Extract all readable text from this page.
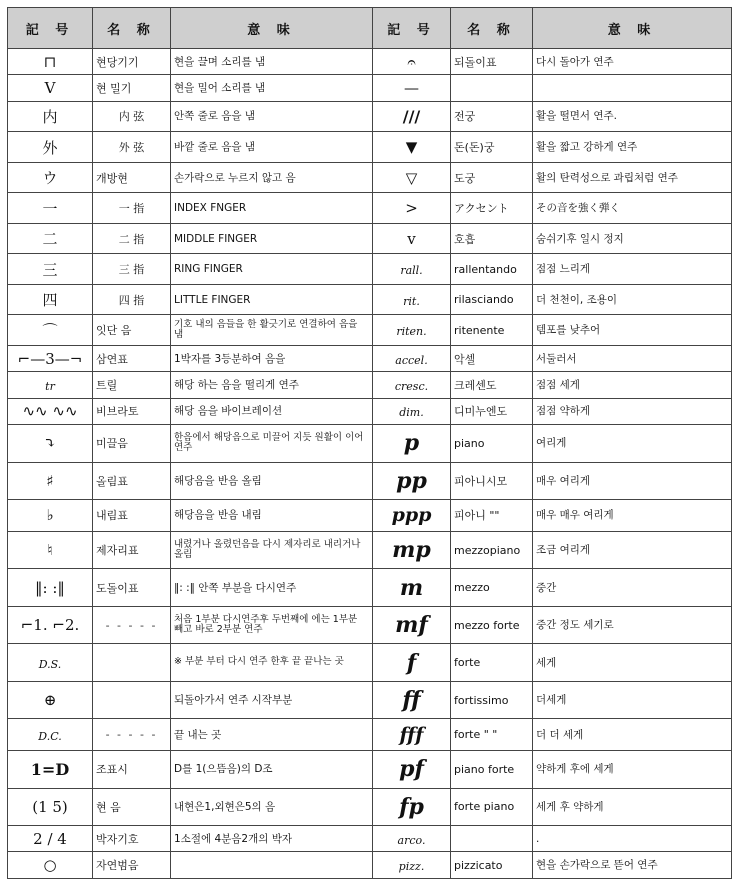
記 号	名 称	意 味	記 号	名 称	意 味
⊓	현당기기	현을 끌며 소리를 냄	𝄐	되돌이표	다시 돌아가 연주
V	현 밀기	현을 밀어 소리를 냄	—		
内	内 弦	안쪽 줄로 음을 냄	///	전궁	활을 떨면서 연주.
外	外 弦	바깥 줄로 음을 냄	▼	돈(돈)궁	활을 짧고 강하게 연주
ウ	개방현	손가락으로 누르지 않고 음	▽	도궁	활의 탄력성으로 과립처럼 연주
一	一 指	INDEX FNGER	>	アクセント	その音を強く弾く
二	二 指	MIDDLE FINGER	v	호흡	숨쉬기후 일시 정지
三	三 指	RING FINGER	rall.	rallentando	점점 느리게
四	四 指	LITTLE FINGER	rit.	rilasciando	더 천천이, 조용이
⌒	잇단 음	기호 내의 음들을 한 활긋기로 연결하여 음을 냄	riten.	ritenente	템포를 낮추어
⌐—3—¬	삼연표	1박자를 3등분하여 음을	accel.	악셀	서둘러서
tr	트릴	해당 하는 음을 떨리게 연주	cresc.	크레센도	점점 세게
∿∿ ∿∿	비브라토	해당 음을 바이브레이션	dim.	디미누엔도	점점 약하게
⤵	미끌음	한음에서 해당음으로 미끌어 지듯 원활이 이어 연주	p	piano	여리게
♯	올림표	해당음을 반음 올림	pp	피아니시모	매우 여리게
♭	내림표	해당음을 반음 내림	ppp	피아니 ""	매우 매우 여리게
♮	제자리표	내렸거나 올렸던음을 다시 제자리로 내리거나 올림	mp	mezzopiano	조금 여리게
‖: :‖	도돌이표	‖: :‖ 안쪽 부분을 다시연주	m	mezzo	중간
⌐1. ⌐2.	- - - - -	처음 1부분 다시연주후 두번째에 에는 1부분 빼고 바로 2부분 연주	mf	mezzo forte	중간 정도 세기로
D.S.		※ 부분 부터 다시 연주 한후 끝 끝나는 곳	f	forte	세게
⊕		되돌아가서 연주 시작부분	ff	fortissimo	더세게
D.C.	- - - - -	끝 내는 곳	fff	forte " "	더 더 세게
1=D	조표시	D를 1(으뜸음)의 D조	pf	piano forte	약하게 후에 세게
(1 5)	현 음	내현은1,외현은5의 음	fp	forte piano	세게 후 약하게
2 / 4	박자기호	1소절에 4분음2개의 박자	arco.		.
○	자연범음		pizz.	pizzicato	현을 손가락으로 뜯어 연주
